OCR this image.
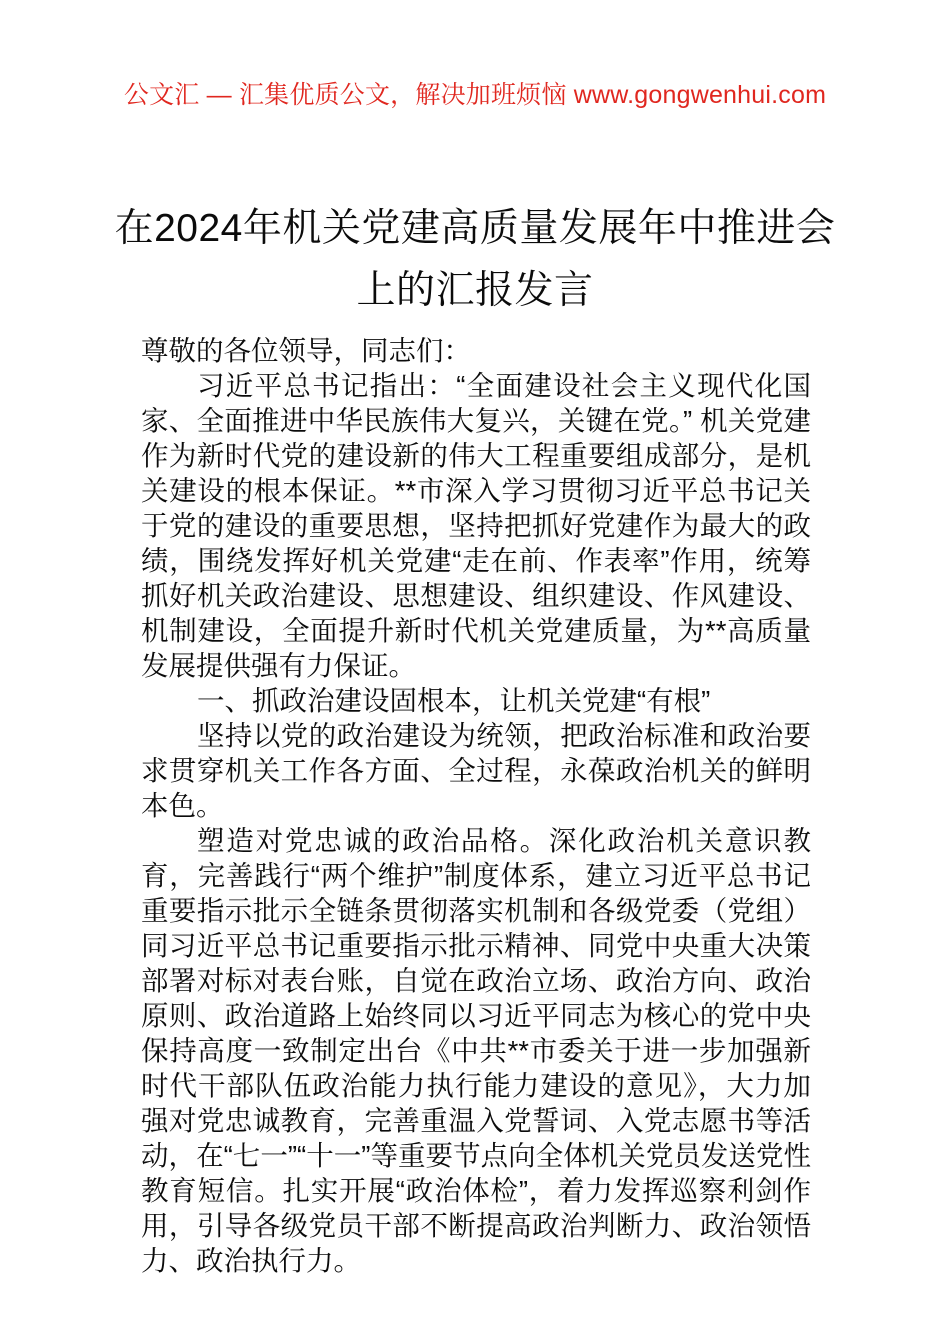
公文汇 — 汇集优质公文，解决加班烦恼 www.gongwenhui.com
在2024年机关党建高质量发展年中推进会上的汇报发言

尊敬的各位领导，同志们：

习近平总书记指出：“全面建设社会主义现代化国家、全面推进中华民族伟大复兴，关键在党。” 机关党建作为新时代党的建设新的伟大工程重要组成部分，是机关建设的根本保证。**市深入学习贯彻习近平总书记关于党的建设的重要思想，坚持把抓好党建作为最大的政绩，围绕发挥好机关党建“走在前、作表率”作用，统筹抓好机关政治建设、思想建设、组织建设、作风建设、机制建设，全面提升新时代机关党建质量，为**高质量发展提供强有力保证。

一、抓政治建设固根本，让机关党建“有根”

坚持以党的政治建设为统领，把政治标准和政治要求贯穿机关工作各方面、全过程，永葆政治机关的鲜明本色。

塑造对党忠诚的政治品格。深化政治机关意识教育，完善践行“两个维护”制度体系，建立习近平总书记重要指示批示全链条贯彻落实机制和各级党委（党组）同习近平总书记重要指示批示精神、同党中央重大决策部署对标对表台账，自觉在政治立场、政治方向、政治原则、政治道路上始终同以习近平同志为核心的党中央保持高度一致制定出台《中共**市委关于进一步加强新时代干部队伍政治能力执行能力建设的意见》，大力加强对党忠诚教育，完善重温入党誓词、入党志愿书等活动，在“七一”“十一”等重要节点向全体机关党员发送党性教育短信。扎实开展“政治体检”，着力发挥巡察利剑作用，引导各级党员干部不断提高政治判断力、政治领悟力、政治执行力。
